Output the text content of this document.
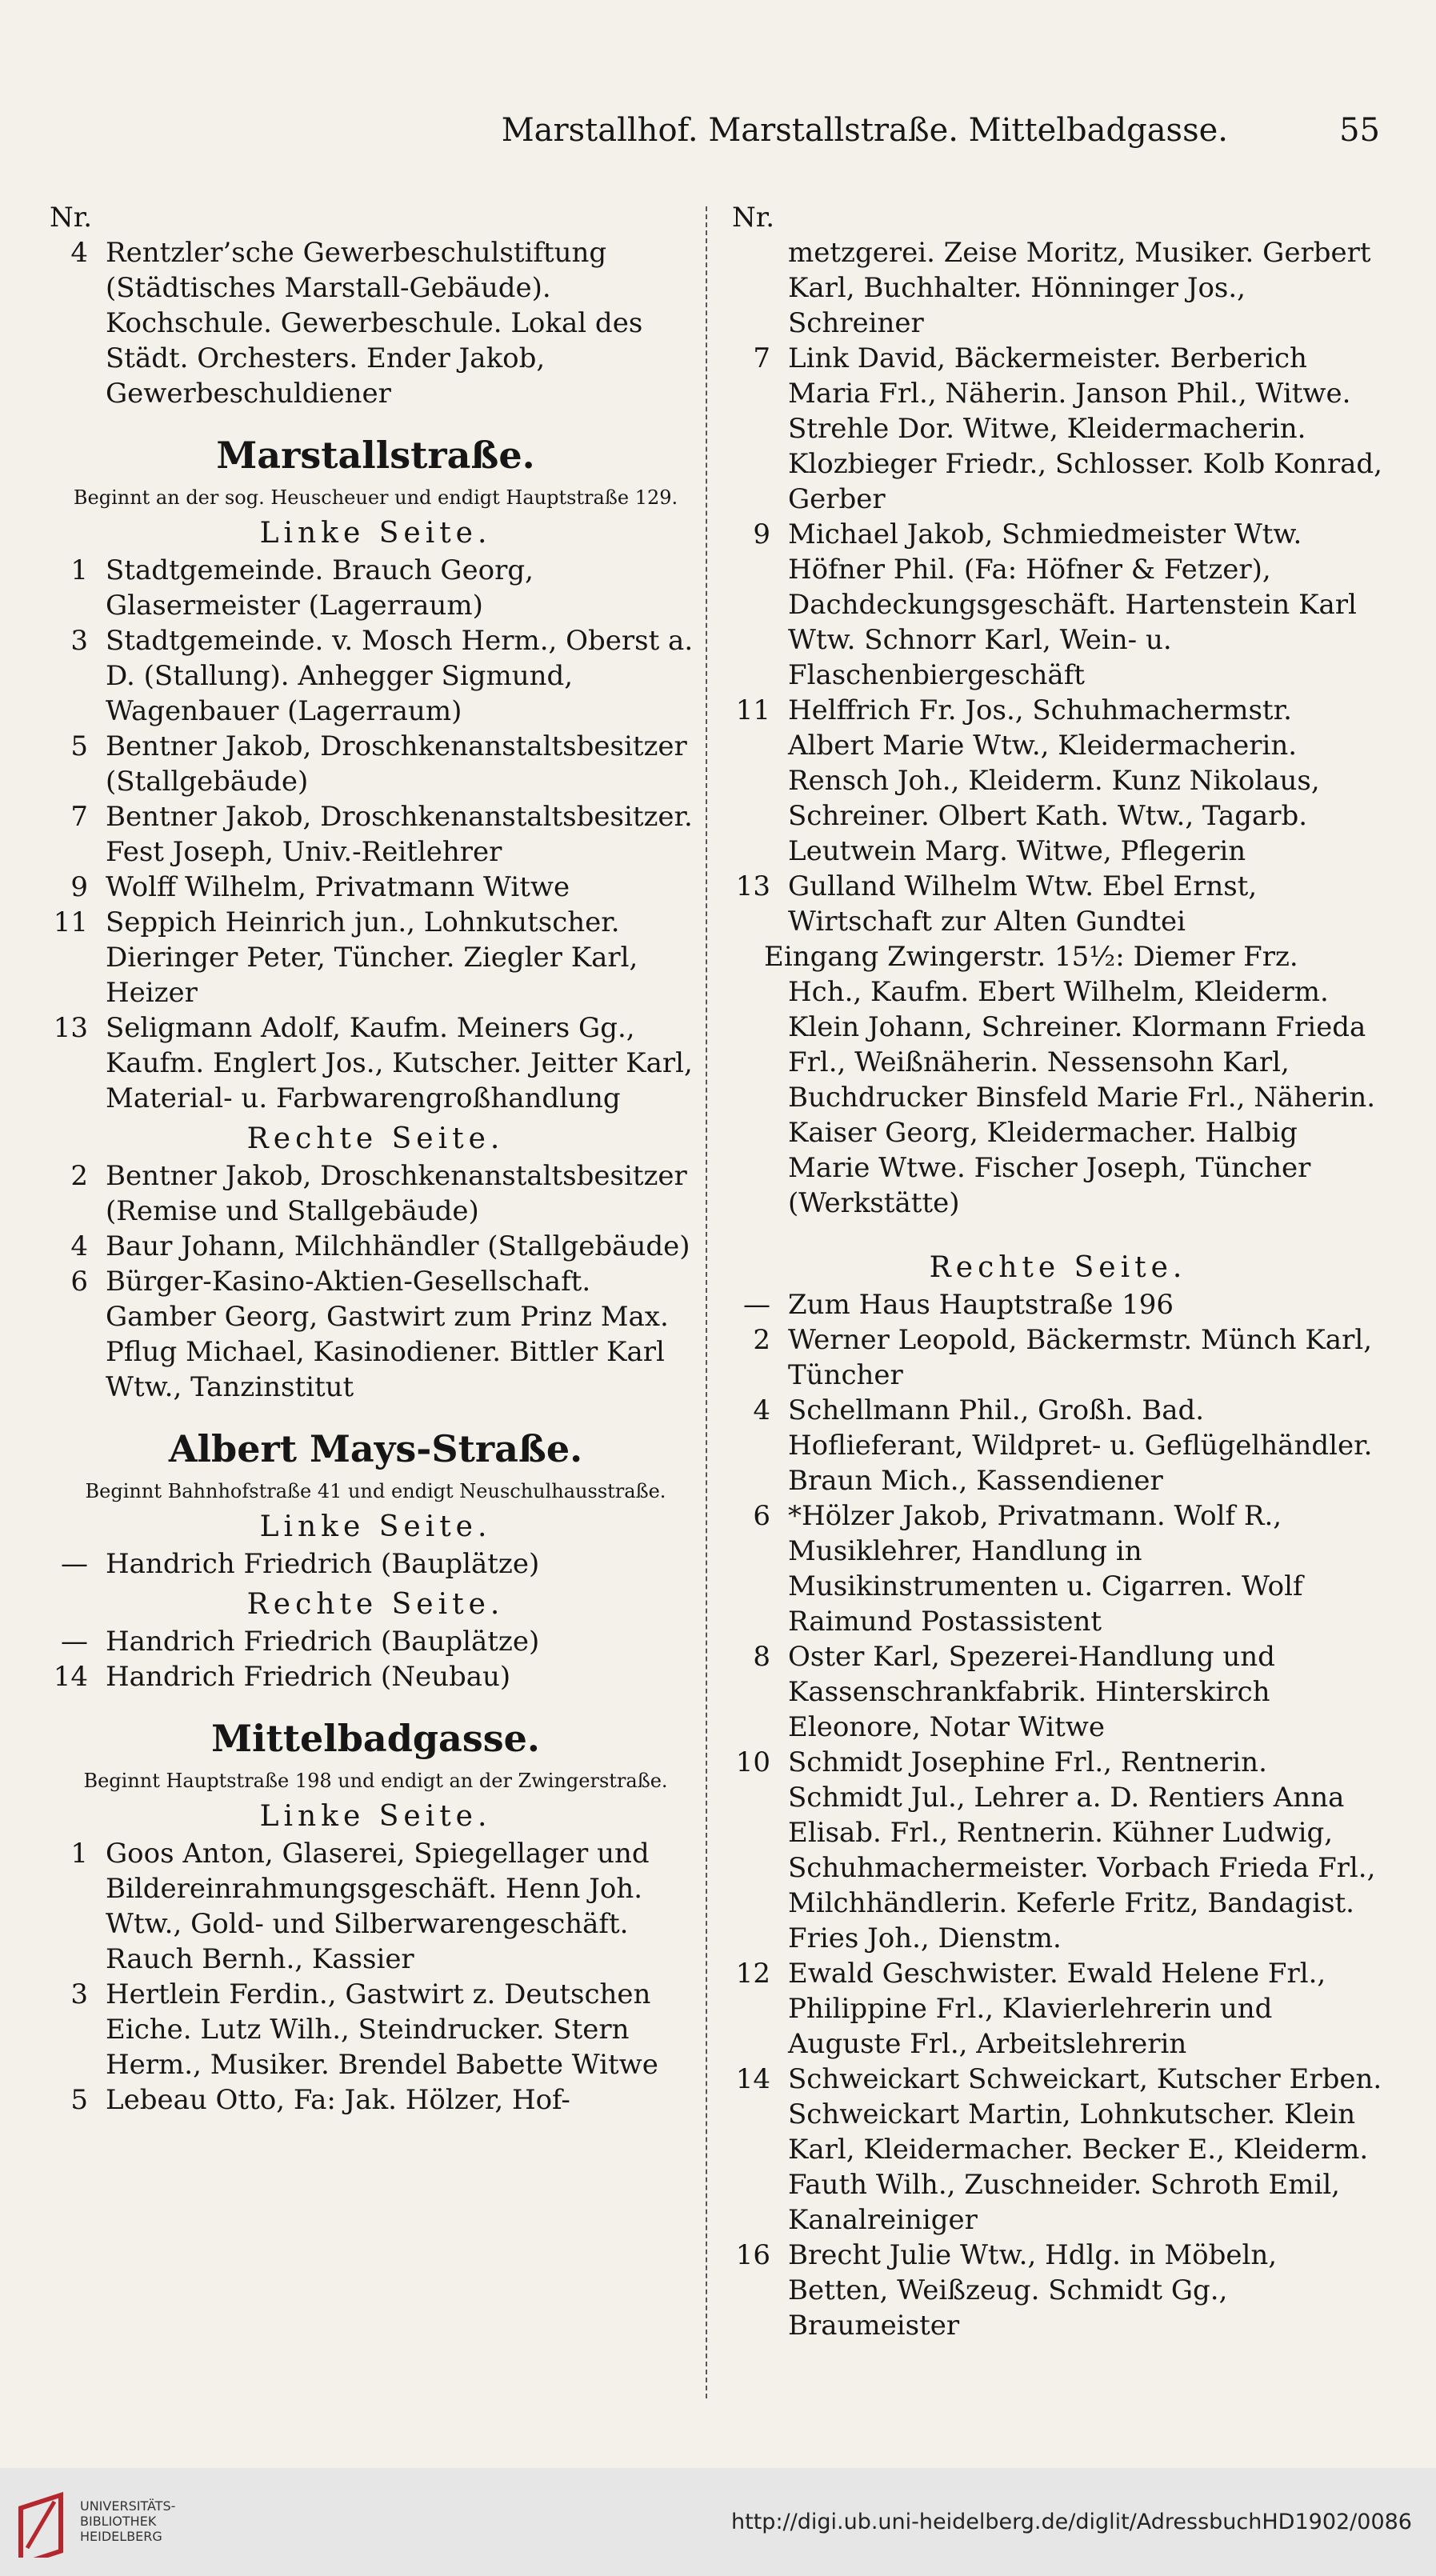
Marstallhof. Marstallstraße. Mittelbadgasse.	55
Nr.
4 Rentzler’sche Gewerbeschulstiftung (Städtisches Marstall-Gebäude). Kochschule. Gewerbeschule. Lokal des Städt. Orchesters. Ender Jakob, Gewerbeschuldiener
Marstallstraße.
Beginnt an der sog. Heuscheuer und endigt Hauptstraße 129.
Linke Seite.
1 Stadtgemeinde. Brauch Georg, Glasermeister (Lagerraum)
3 Stadtgemeinde. v. Mosch Herm., Oberst a. D. (Stallung). Anhegger Sigmund, Wagenbauer (Lagerraum)
5 Bentner Jakob, Droschkenanstaltsbesitzer (Stallgebäude)
7 Bentner Jakob, Droschkenanstaltsbesitzer. Fest Joseph, Univ.-Reitlehrer
9 Wolff Wilhelm, Privatmann Witwe
11 Seppich Heinrich jun., Lohnkutscher. Dieringer Peter, Tüncher. Ziegler Karl, Heizer
13 Seligmann Adolf, Kaufm. Meiners Gg., Kaufm. Englert Jos., Kutscher. Jeitter Karl, Material- u. Farbwarengroßhandlung
Rechte Seite.
2 Bentner Jakob, Droschkenanstaltsbesitzer (Remise und Stallgebäude)
4 Baur Johann, Milchhändler (Stallgebäude)
6 Bürger-Kasino-Aktien-Gesellschaft. Gamber Georg, Gastwirt zum Prinz Max. Pflug Michael, Kasinodiener. Bittler Karl Wtw., Tanzinstitut
Albert Mays-Straße.
Beginnt Bahnhofstraße 41 und endigt Neuschulhausstraße.
Linke Seite.
— Handrich Friedrich (Bauplätze)
Rechte Seite.
— Handrich Friedrich (Bauplätze)
14 Handrich Friedrich (Neubau)
Mittelbadgasse.
Beginnt Hauptstraße 198 und endigt an der Zwingerstraße.
Linke Seite.
1 Goos Anton, Glaserei, Spiegellager und Bildereinrahmungsgeschäft. Henn Joh. Wtw., Gold- und Silberwarengeschäft. Rauch Bernh., Kassier
3 Hertlein Ferdin., Gastwirt z. Deutschen Eiche. Lutz Wilh., Steindrucker. Stern Herm., Musiker. Brendel Babette Witwe
5 Lebeau Otto, Fa: Jak. Hölzer, Hof-
Nr.
metzgerei. Zeise Moritz, Musiker. Gerbert Karl, Buchhalter. Hönninger Jos., Schreiner
7 Link David, Bäckermeister. Berberich Maria Frl., Näherin. Janson Phil., Witwe. Strehle Dor. Witwe, Kleidermacherin. Klozbieger Friedr., Schlosser. Kolb Konrad, Gerber
9 Michael Jakob, Schmiedmeister Wtw. Höfner Phil. (Fa: Höfner & Fetzer), Dachdeckungsgeschäft. Hartenstein Karl Wtw. Schnorr Karl, Wein- u. Flaschenbiergeschäft
11 Helffrich Fr. Jos., Schuhmachermstr. Albert Marie Wtw., Kleidermacherin. Rensch Joh., Kleiderm. Kunz Nikolaus, Schreiner. Olbert Kath. Wtw., Tagarb. Leutwein Marg. Witwe, Pflegerin
13 Gulland Wilhelm Wtw. Ebel Ernst, Wirtschaft zur Alten Gundtei
Eingang Zwingerstr. 15½: Diemer Frz.
Hch., Kaufm. Ebert Wilhelm, Kleiderm. Klein Johann, Schreiner. Klormann Frieda Frl., Weißnäherin. Nessensohn Karl, Buchdrucker Binsfeld Marie Frl., Näherin. Kaiser Georg, Kleidermacher. Halbig Marie Wtwe. Fischer Joseph, Tüncher (Werkstätte)
Rechte Seite.
— Zum Haus Hauptstraße 196
2 Werner Leopold, Bäckermstr. Münch Karl, Tüncher
4 Schellmann Phil., Großh. Bad. Hoflieferant, Wildpret- u. Geflügelhändler. Braun Mich., Kassendiener
6 *Hölzer Jakob, Privatmann. Wolf R., Musiklehrer, Handlung in Musikinstrumenten u. Cigarren. Wolf Raimund Postassistent
8 Oster Karl, Spezerei-Handlung und Kassenschrankfabrik. Hinterskirch Eleonore, Notar Witwe
10 Schmidt Josephine Frl., Rentnerin. Schmidt Jul., Lehrer a. D. Rentiers Anna Elisab. Frl., Rentnerin. Kühner Ludwig, Schuhmachermeister. Vorbach Frieda Frl., Milchhändlerin. Keferle Fritz, Bandagist. Fries Joh., Dienstm.
12 Ewald Geschwister. Ewald Helene Frl., Philippine Frl., Klavierlehrerin und Auguste Frl., Arbeitslehrerin
14 Schweickart Schweickart, Kutscher Erben. Schweickart Martin, Lohnkutscher. Klein Karl, Kleidermacher. Becker E., Kleiderm. Fauth Wilh., Zuschneider. Schroth Emil, Kanalreiniger
16 Brecht Julie Wtw., Hdlg. in Möbeln, Betten, Weißzeug. Schmidt Gg., Braumeister
UNIVERSITÄTS-
BIBLIOTHEK
HEIDELBERG
http://digi.ub.uni-heidelberg.de/diglit/AdressbuchHD1902/0086
